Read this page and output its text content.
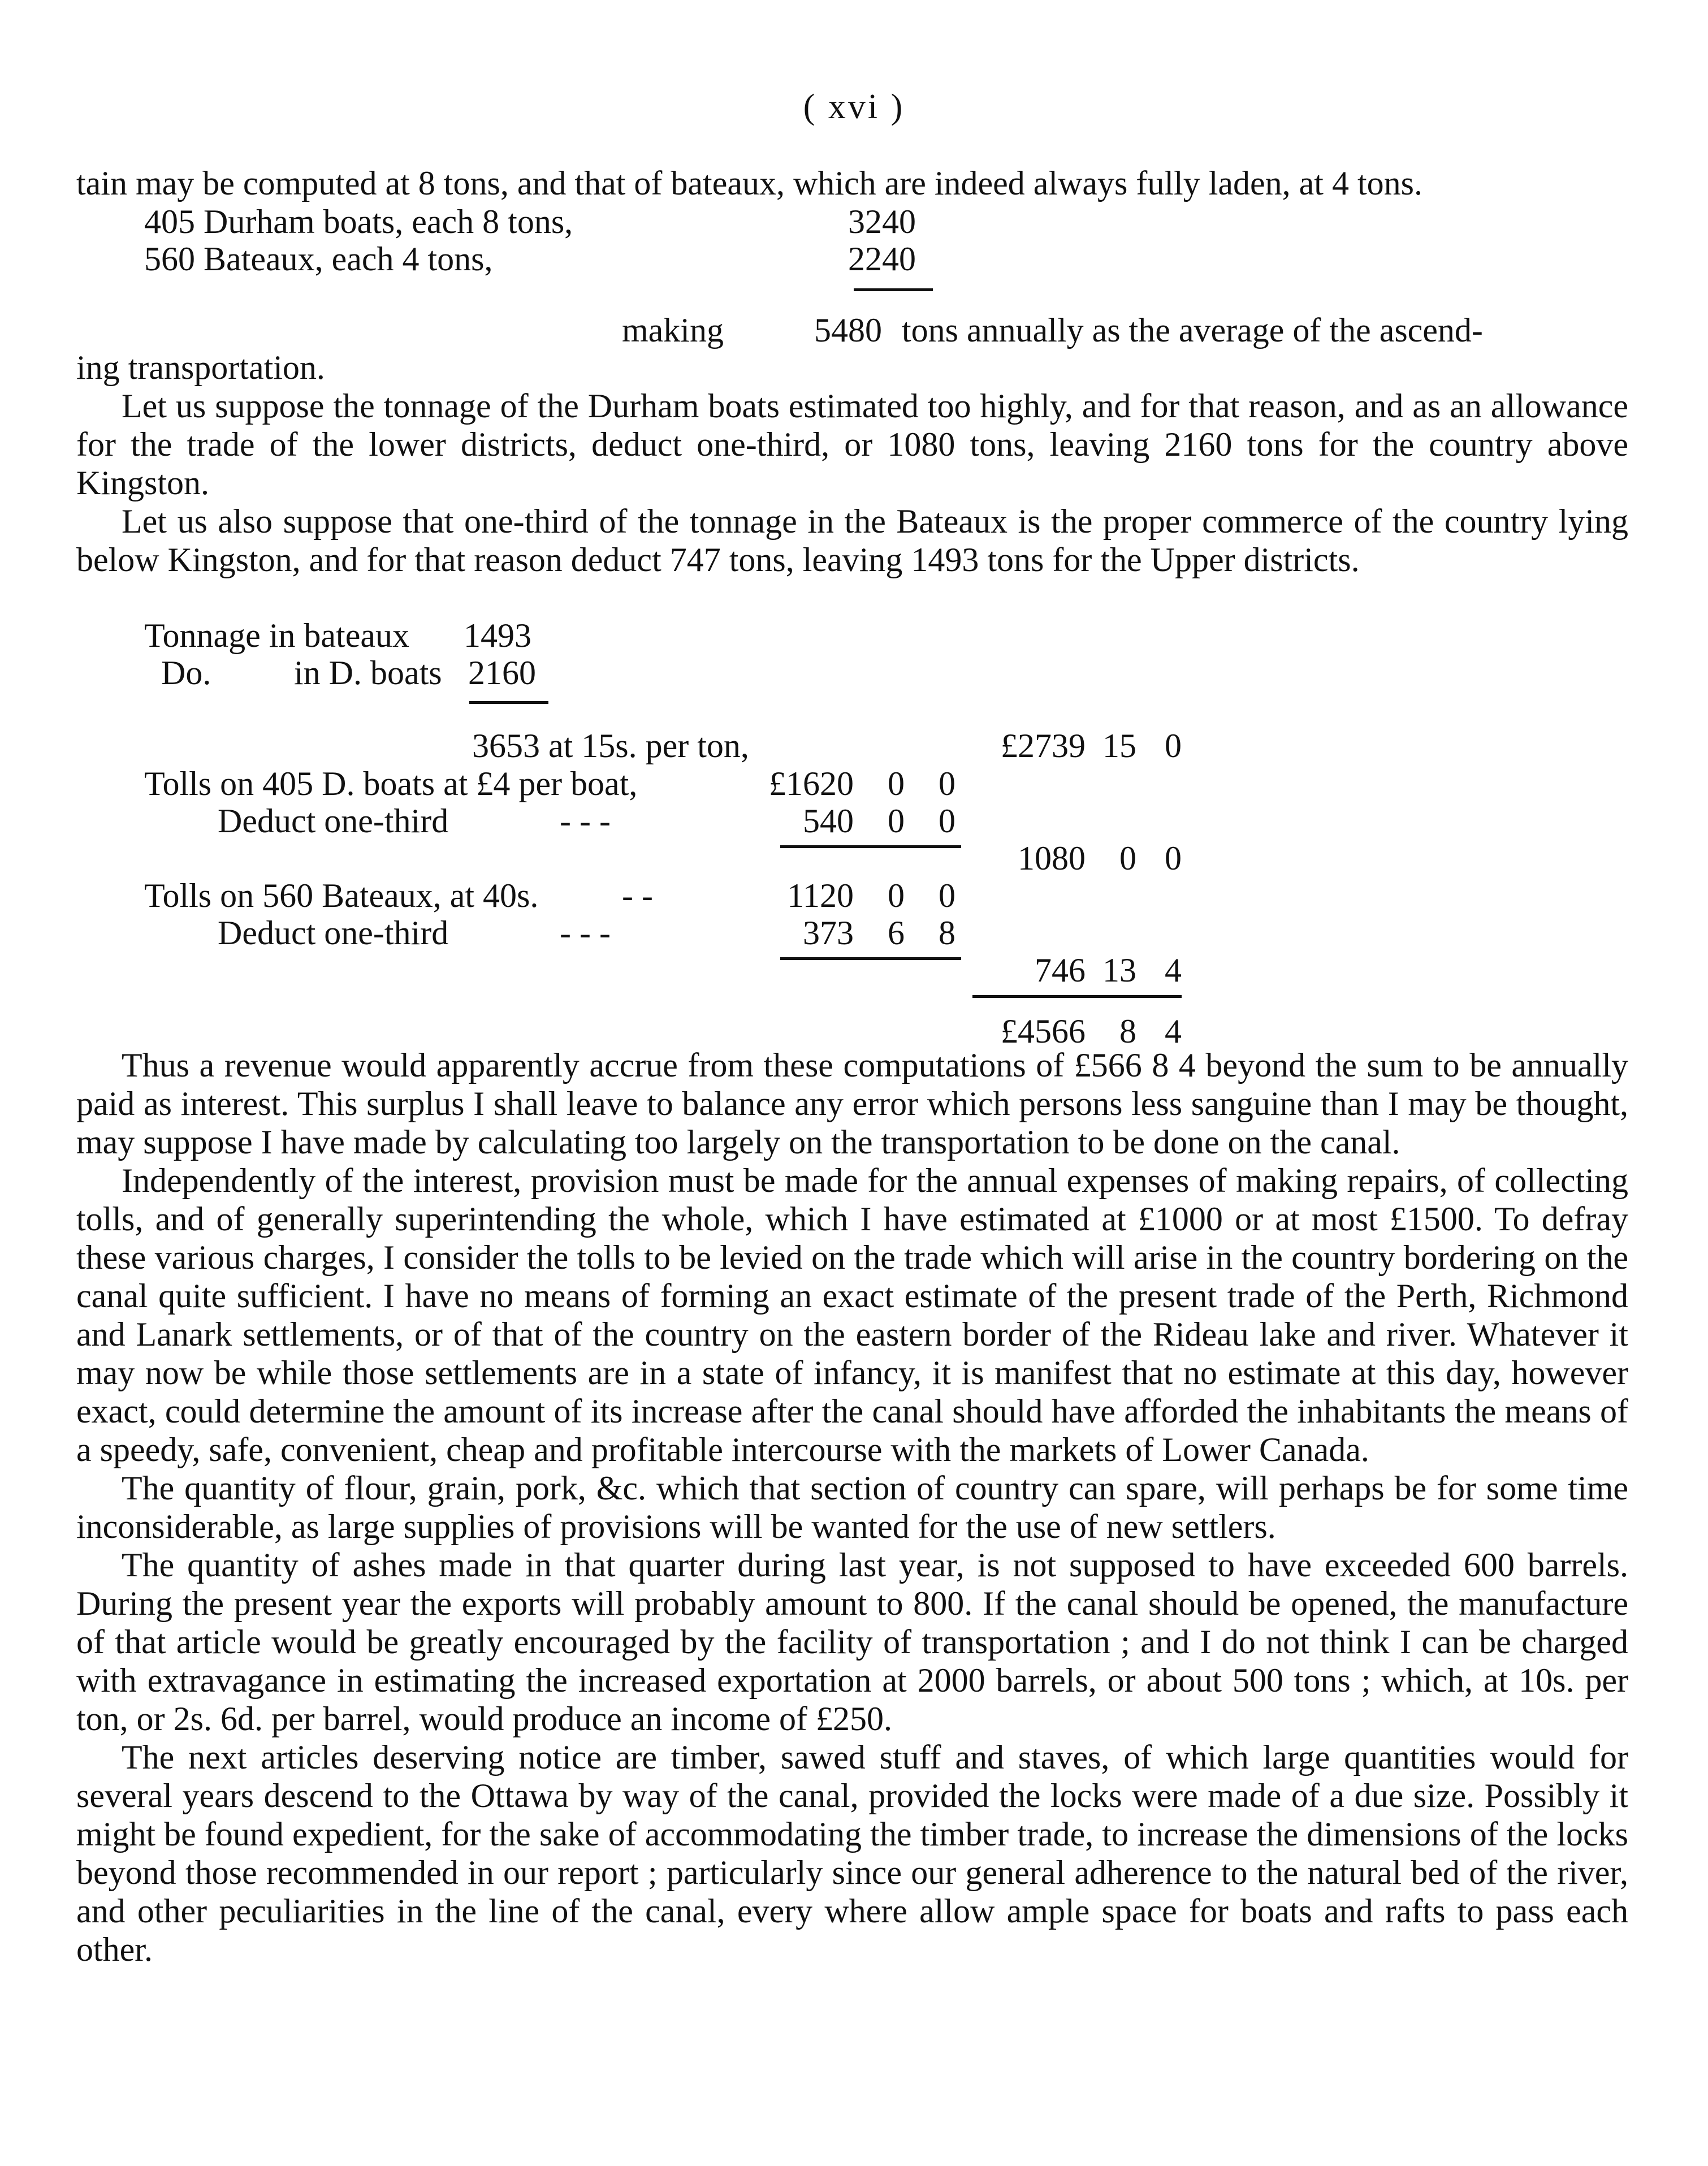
( xvi )

tain may be computed at 8 tons, and that of bateaux, which are indeed always fully laden, at 4 tons.

405 Durham boats, each 8 tons,	3240
560 Bateaux, each 4 tons,	2240
making	5480 tons annually as the average of the ascend-
ing transportation.

Let us suppose the tonnage of the Durham boats estimated too highly, and for that reason, and as an allowance for the trade of the lower districts, deduct one-third, or 1080 tons, leaving 2160 tons for the country above Kingston.

Let us also suppose that one-third of the tonnage in the Bateaux is the proper commerce of the country lying below Kingston, and for that reason deduct 747 tons, leaving 1493 tons for the Upper districts.

Tonnage in bateaux 1493
Do. in D. boats 2160
3653 at 15s. per ton,	£2739 15 0
Tolls on 405 D. boats at £4 per boat,	£1620	0	0
Deduct one-third	- - -	540	0	0
1080	0 0
Tolls on 560 Bateaux, at 40s. - -	1120	0	0
Deduct one-third	- - -	373	6	8
746 13 4
£4566	8 4

Thus a revenue would apparently accrue from these computations of £566 8 4 beyond the sum to be annually paid as interest. This surplus I shall leave to balance any error which persons less sanguine than I may be thought, may suppose I have made by calculating too largely on the transportation to be done on the canal.

Independently of the interest, provision must be made for the annual expenses of making repairs, of collecting tolls, and of generally superintending the whole, which I have estimated at £1000 or at most £1500. To defray these various charges, I consider the tolls to be levied on the trade which will arise in the country bordering on the canal quite sufficient. I have no means of forming an exact estimate of the present trade of the Perth, Richmond and Lanark settlements, or of that of the country on the eastern border of the Rideau lake and river. Whatever it may now be while those settlements are in a state of infancy, it is manifest that no estimate at this day, however exact, could determine the amount of its increase after the canal should have afforded the inhabitants the means of a speedy, safe, convenient, cheap and profitable intercourse with the markets of Lower Canada.

The quantity of flour, grain, pork, &c. which that section of country can spare, will perhaps be for some time inconsiderable, as large supplies of provisions will be wanted for the use of new settlers.

The quantity of ashes made in that quarter during last year, is not supposed to have exceeded 600 barrels. During the present year the exports will probably amount to 800. If the canal should be opened, the manufacture of that article would be greatly encouraged by the facility of transportation ; and I do not think I can be charged with extravagance in estimating the increased exportation at 2000 barrels, or about 500 tons ; which, at 10s. per ton, or 2s. 6d. per barrel, would produce an income of £250.

The next articles deserving notice are timber, sawed stuff and staves, of which large quantities would for several years descend to the Ottawa by way of the canal, provided the locks were made of a due size. Possibly it might be found expedient, for the sake of accommodating the timber trade, to increase the dimensions of the locks beyond those recommended in our report ; particularly since our general adherence to the natural bed of the river, and other peculiarities in the line of the canal, every where allow ample space for boats and rafts to pass each other.
